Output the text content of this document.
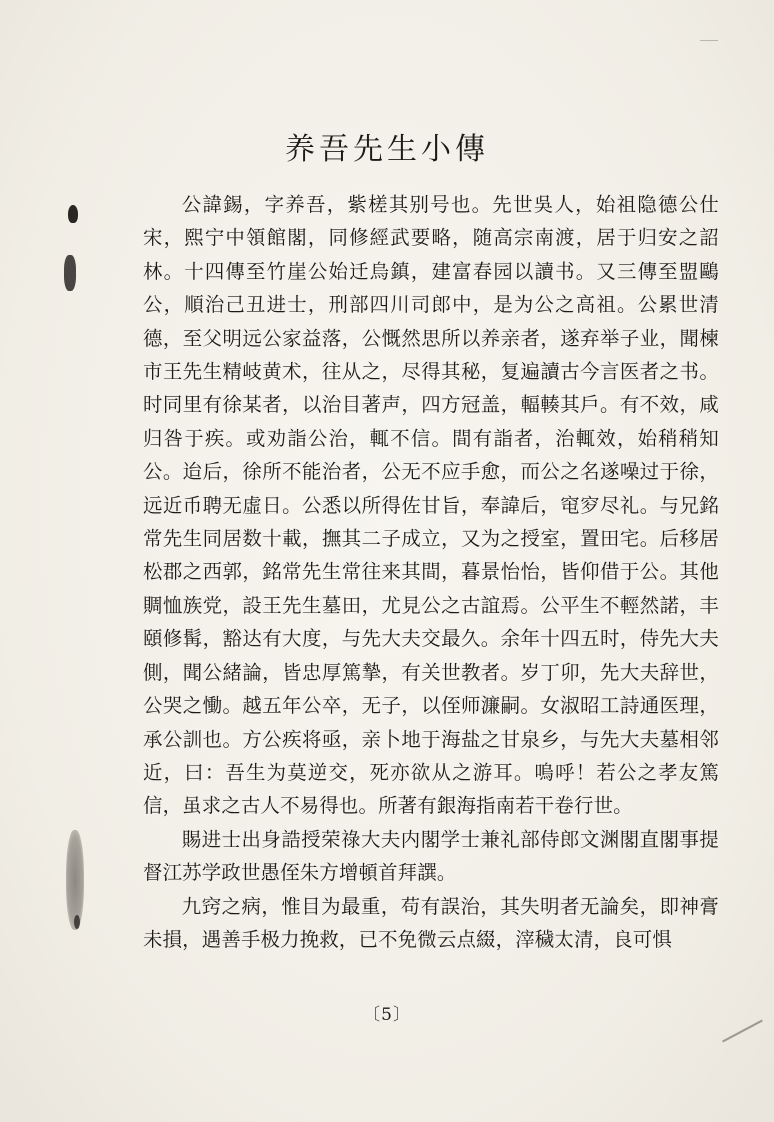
养吾先生小傳

公諱錫，字养吾，紫槎其别号也。先世吳人，始祖隐德公仕宋，熙宁中領館閣，同修經武要略，随高宗南渡，居于归安之詔林。十四傳至竹崖公始迁烏鎮，建富春园以讀书。又三傳至盟鷗公，順治己丑进士，刑部四川司郎中，是为公之高祖。公累世清德，至父明远公家益落，公慨然思所以养亲者，遂弃举子业，聞楝市王先生精岐黄术，往从之，尽得其秘，复遍讀古今言医者之书。时同里有徐某者，以治目著声，四方冠盖，輻輳其戶。有不效，咸归咎于疾。或劝詣公治，輒不信。間有詣者，治輒效，始稍稍知公。迨后，徐所不能治者，公无不应手愈，而公之名遂噪过于徐，远近币聘无虛日。公悉以所得佐甘旨，奉諱后，窀穸尽礼。与兄銘常先生同居数十載，撫其二子成立，又为之授室，置田宅。后移居松郡之西郭，銘常先生常往来其間，暮景怡怡，皆仰借于公。其他賙恤族党，設王先生墓田，尤見公之古誼焉。公平生不輕然諾，丰頤修髯，豁达有大度，与先大夫交最久。余年十四五时，侍先大夫側，聞公緒論，皆忠厚篤摯，有关世教者。岁丁卯，先大夫辞世，公哭之慟。越五年公卒，无子，以侄师濂嗣。女淑昭工詩通医理，承公訓也。方公疾将亟，亲卜地于海盐之甘泉乡，与先大夫墓相邻近，曰：吾生为莫逆交，死亦欲从之游耳。嗚呼！若公之孝友篤信，虽求之古人不易得也。所著有銀海指南若干卷行世。

賜进士出身誥授荣祿大夫内閣学士兼礼部侍郎文渊閣直閣事提督江苏学政世愚侄朱方增頓首拜譔。

九窍之病，惟目为最重，苟有誤治，其失明者无論矣，即神膏未損，遇善手极力挽救，已不免微云点綴，滓穢太清，良可惧

〔5〕
